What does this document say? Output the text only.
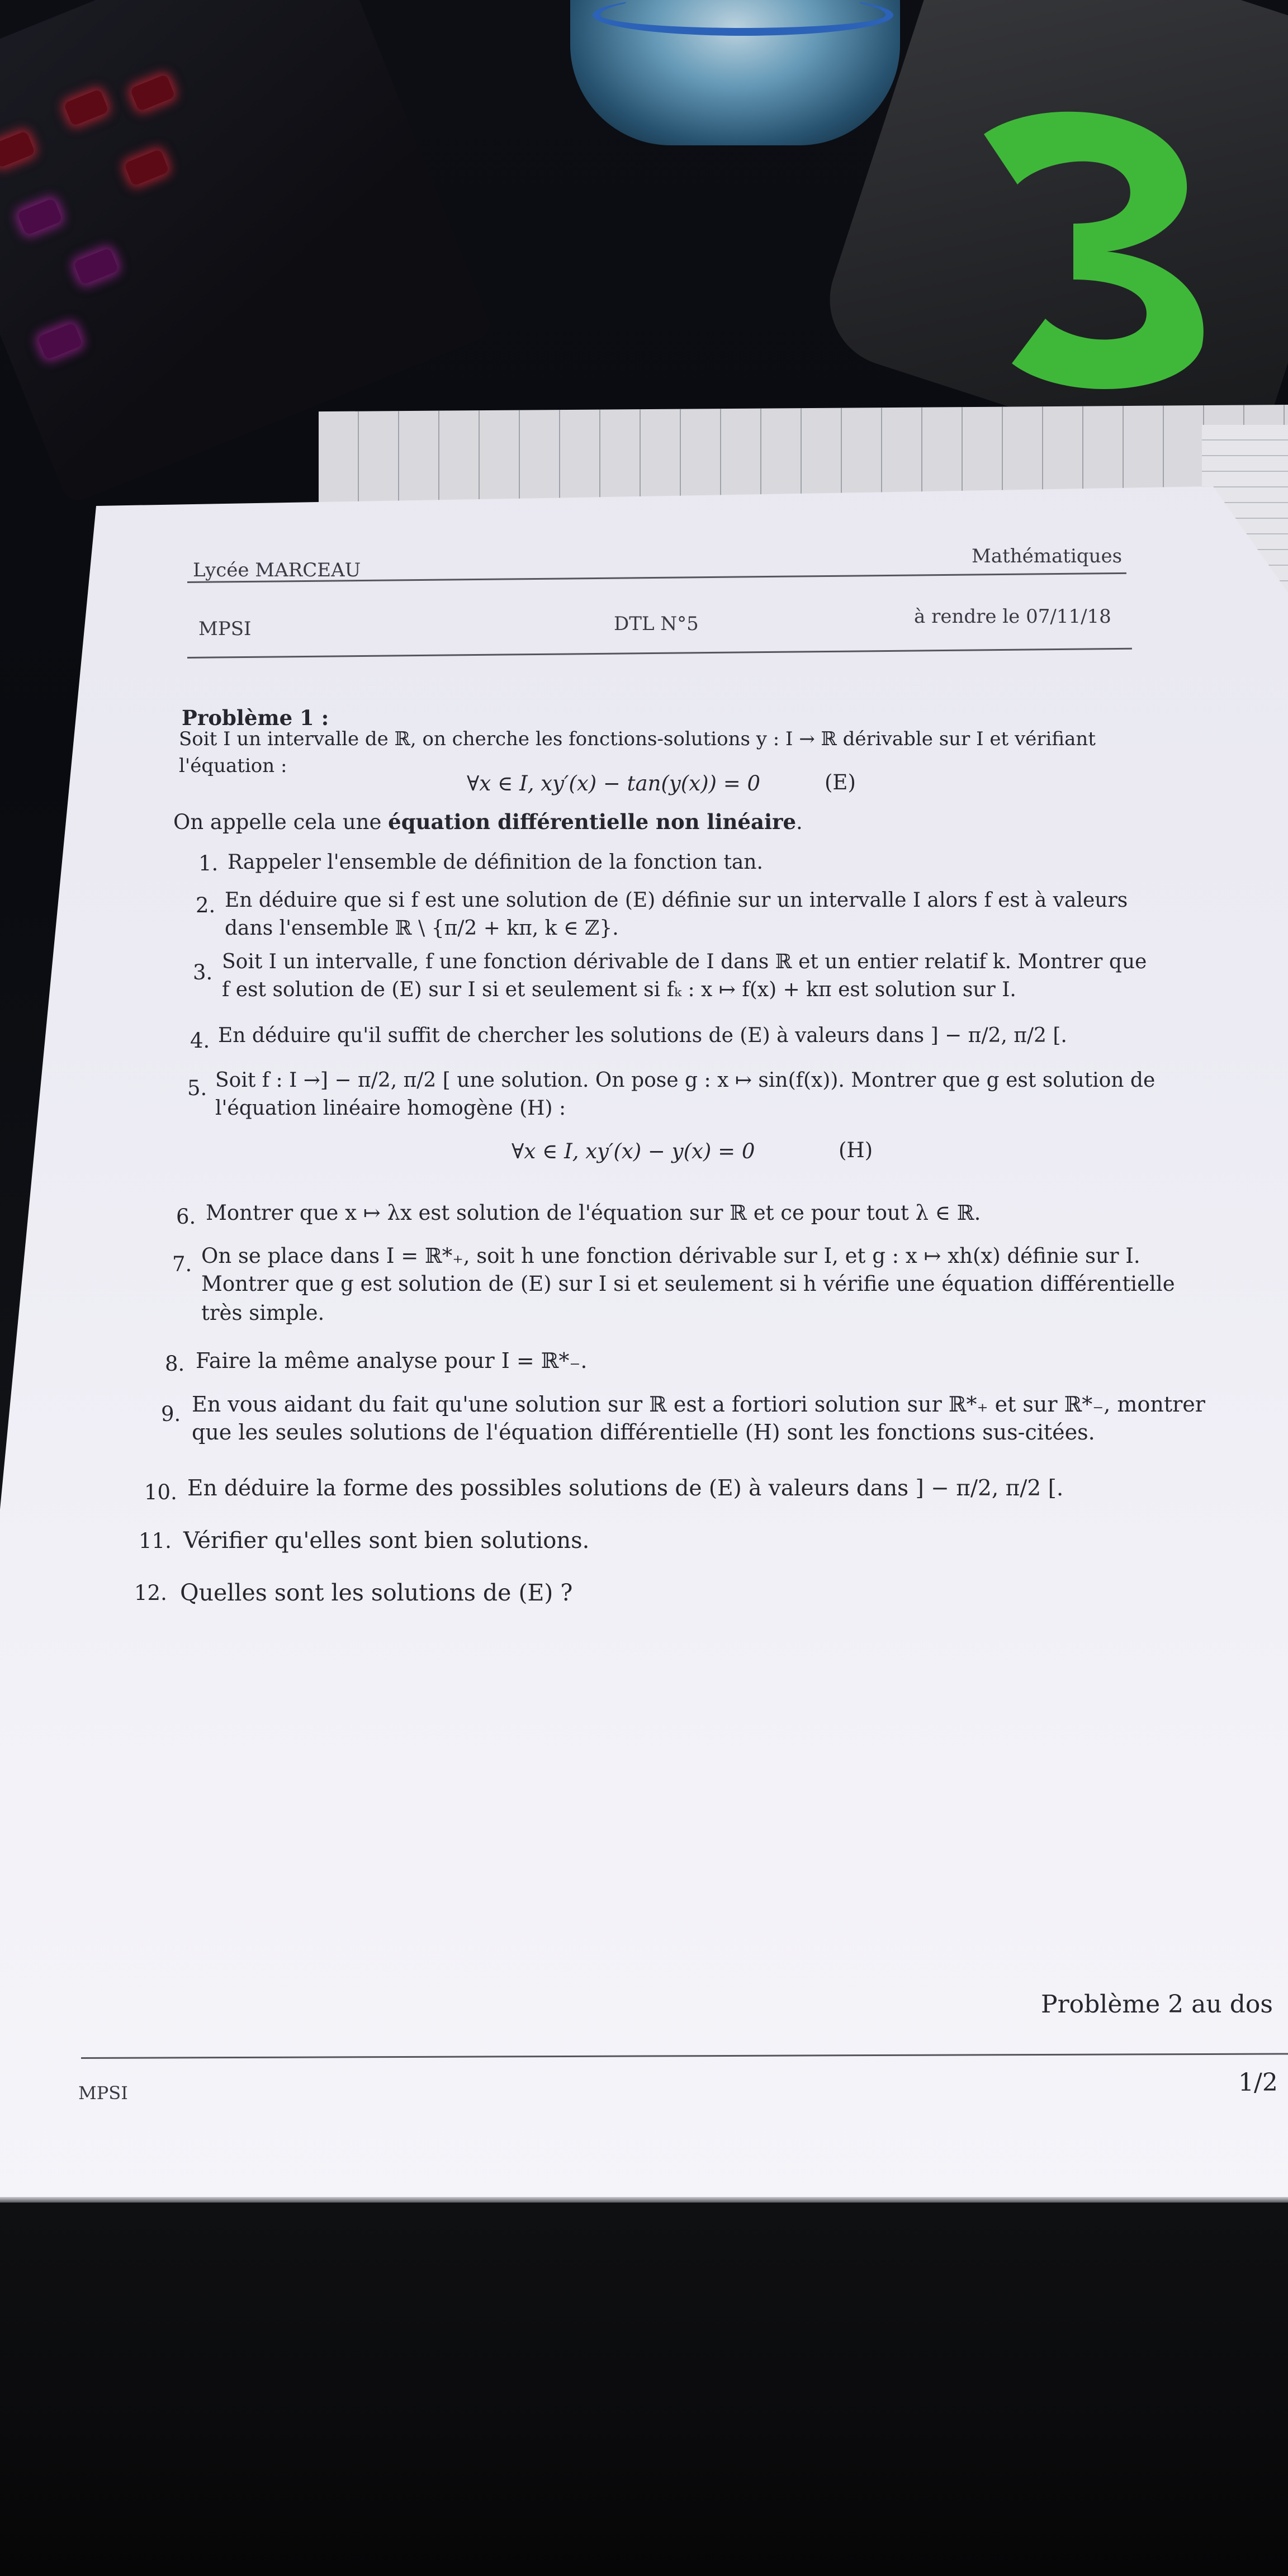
Lycée MARCEAU
Mathématiques
MPSI	DTL N°5	à rendre le 07/11/18
Problème 1 :
Soit I un intervalle de ℝ, on cherche les fonctions-solutions y : I → ℝ dérivable sur I et vérifiant
l'équation :
∀x ∈ I, xy′(x) − tan(y(x)) = 0	(E)
On appelle cela une équation différentielle non linéaire.
1. Rappeler l'ensemble de définition de la fonction tan.
2. En déduire que si f est une solution de (E) définie sur un intervalle I alors f est à valeurs
dans l'ensemble ℝ \ {π/2 + kπ, k ∈ ℤ}.
3. Soit I un intervalle, f une fonction dérivable de I dans ℝ et un entier relatif k. Montrer que
f est solution de (E) sur I si et seulement si fₖ : x ↦ f(x) + kπ est solution sur I.
4. En déduire qu'il suffit de chercher les solutions de (E) à valeurs dans ] − π/2, π/2 [.
5. Soit f : I →] − π/2, π/2 [ une solution. On pose g : x ↦ sin(f(x)). Montrer que g est solution de
l'équation linéaire homogène (H) :
∀x ∈ I, xy′(x) − y(x) = 0	(H)
6. Montrer que x ↦ λx est solution de l'équation sur ℝ et ce pour tout λ ∈ ℝ.
7. On se place dans I = ℝ*₊, soit h une fonction dérivable sur I, et g : x ↦ xh(x) définie sur I.
Montrer que g est solution de (E) sur I si et seulement si h vérifie une équation différentielle
très simple.
8. Faire la même analyse pour I = ℝ*₋.
9. En vous aidant du fait qu'une solution sur ℝ est a fortiori solution sur ℝ*₊ et sur ℝ*₋, montrer
que les seules solutions de l'équation différentielle (H) sont les fonctions sus-citées.
10. En déduire la forme des possibles solutions de (E) à valeurs dans ] − π/2, π/2 [.
11. Vérifier qu'elles sont bien solutions.
12. Quelles sont les solutions de (E) ?
Problème 2 au dos
MPSI	1/2
